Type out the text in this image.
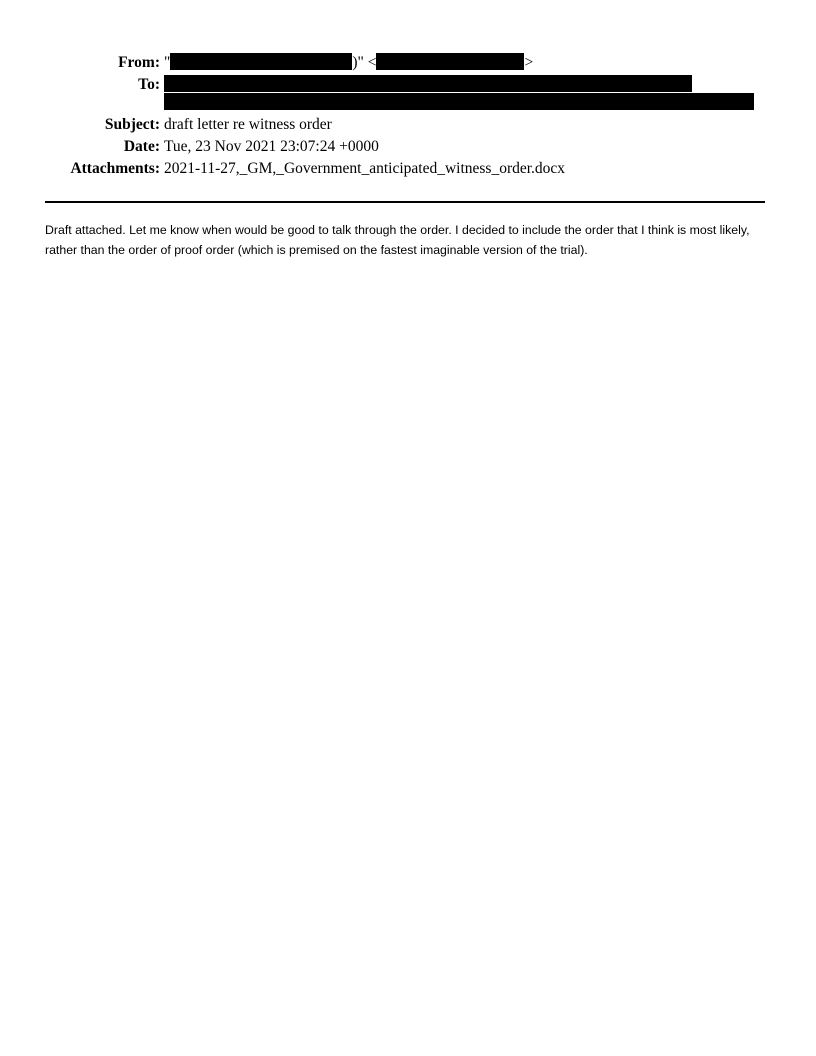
From: "	)" <	>
To:
Subject: draft letter re witness order
Date: Tue, 23 Nov 2021 23:07:24 +0000
Attachments: 2021-11-27,_GM,_Government_anticipated_witness_order.docx
Draft attached. Let me know when would be good to talk through the order. I decided to include the order that I think is most likely, rather than the order of proof order (which is premised on the fastest imaginable version of the trial).
